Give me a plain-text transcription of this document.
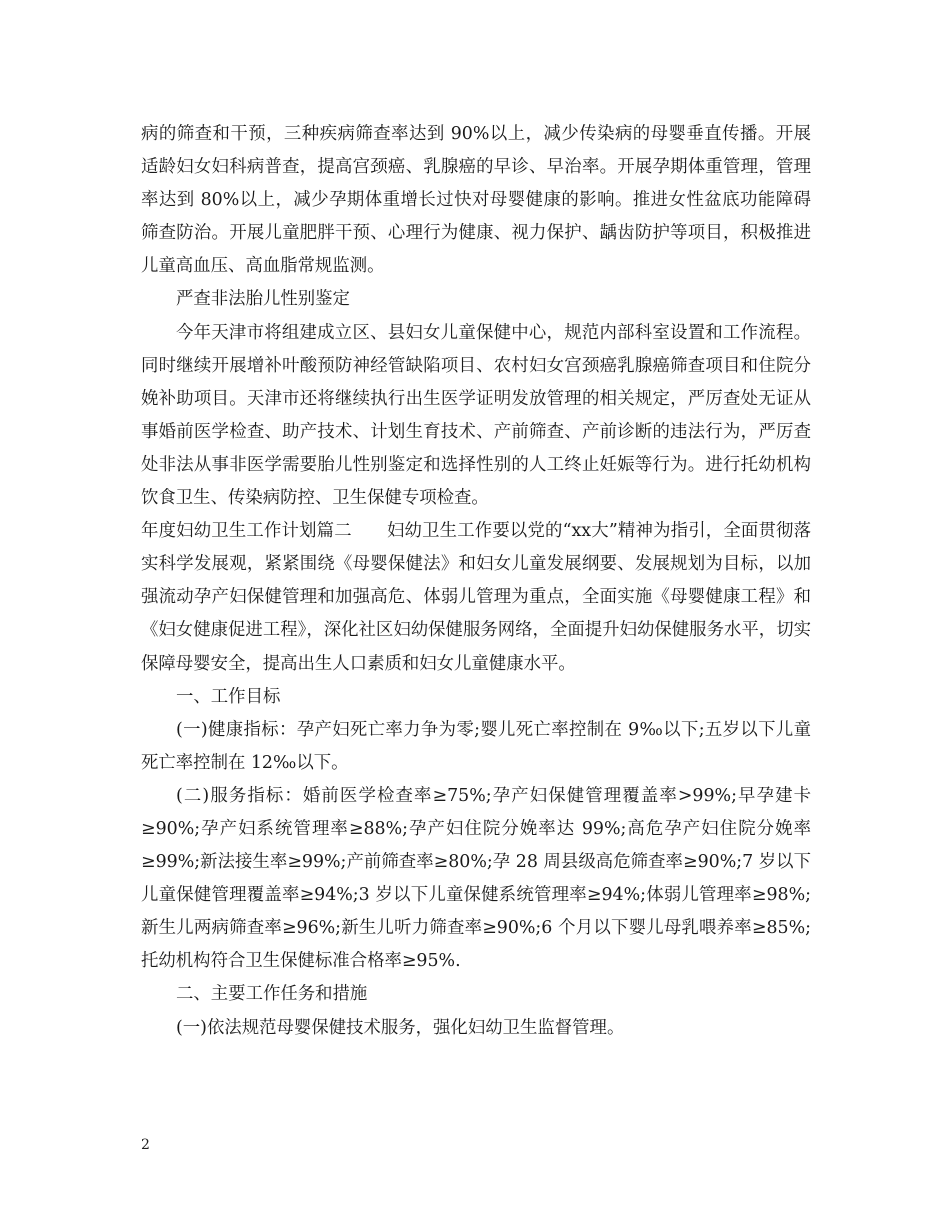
病的筛查和干预，三种疾病筛查率达到 90%以上，减少传染病的母婴垂直传播。开展适龄妇女妇科病普查，提高宫颈癌、乳腺癌的早诊、早治率。开展孕期体重管理，管理率达到 80%以上，减少孕期体重增长过快对母婴健康的影响。推进女性盆底功能障碍筛查防治。开展儿童肥胖干预、心理行为健康、视力保护、龋齿防护等项目，积极推进儿童高血压、高血脂常规监测。

严查非法胎儿性别鉴定

今年天津市将组建成立区、县妇女儿童保健中心，规范内部科室设置和工作流程。同时继续开展增补叶酸预防神经管缺陷项目、农村妇女宫颈癌乳腺癌筛查项目和住院分娩补助项目。天津市还将继续执行出生医学证明发放管理的相关规定，严厉查处无证从事婚前医学检查、助产技术、计划生育技术、产前筛查、产前诊断的违法行为，严厉查处非法从事非医学需要胎儿性别鉴定和选择性别的人工终止妊娠等行为。进行托幼机构饮食卫生、传染病防控、卫生保健专项检查。

年度妇幼卫生工作计划篇二　　妇幼卫生工作要以党的“xx大”精神为指引，全面贯彻落实科学发展观，紧紧围绕《母婴保健法》和妇女儿童发展纲要、发展规划为目标，以加强流动孕产妇保健管理和加强高危、体弱儿管理为重点，全面实施《母婴健康工程》和《妇女健康促进工程》，深化社区妇幼保健服务网络，全面提升妇幼保健服务水平，切实保障母婴安全，提高出生人口素质和妇女儿童健康水平。

一、工作目标

(一)健康指标：孕产妇死亡率力争为零;婴儿死亡率控制在 9‰以下;五岁以下儿童死亡率控制在 12‰以下。

(二)服务指标：婚前医学检查率≥75%;孕产妇保健管理覆盖率>99%;早孕建卡≥90%;孕产妇系统管理率≥88%;孕产妇住院分娩率达 99%;高危孕产妇住院分娩率≥99%;新法接生率≥99%;产前筛查率≥80%;孕 28 周县级高危筛查率≥90%;7 岁以下儿童保健管理覆盖率≥94%;3 岁以下儿童保健系统管理率≥94%;体弱儿管理率≥98%;新生儿两病筛查率≥96%;新生儿听力筛查率≥90%;6 个月以下婴儿母乳喂养率≥85%;托幼机构符合卫生保健标准合格率≥95%.

二、主要工作任务和措施

(一)依法规范母婴保健技术服务，强化妇幼卫生监督管理。

2
